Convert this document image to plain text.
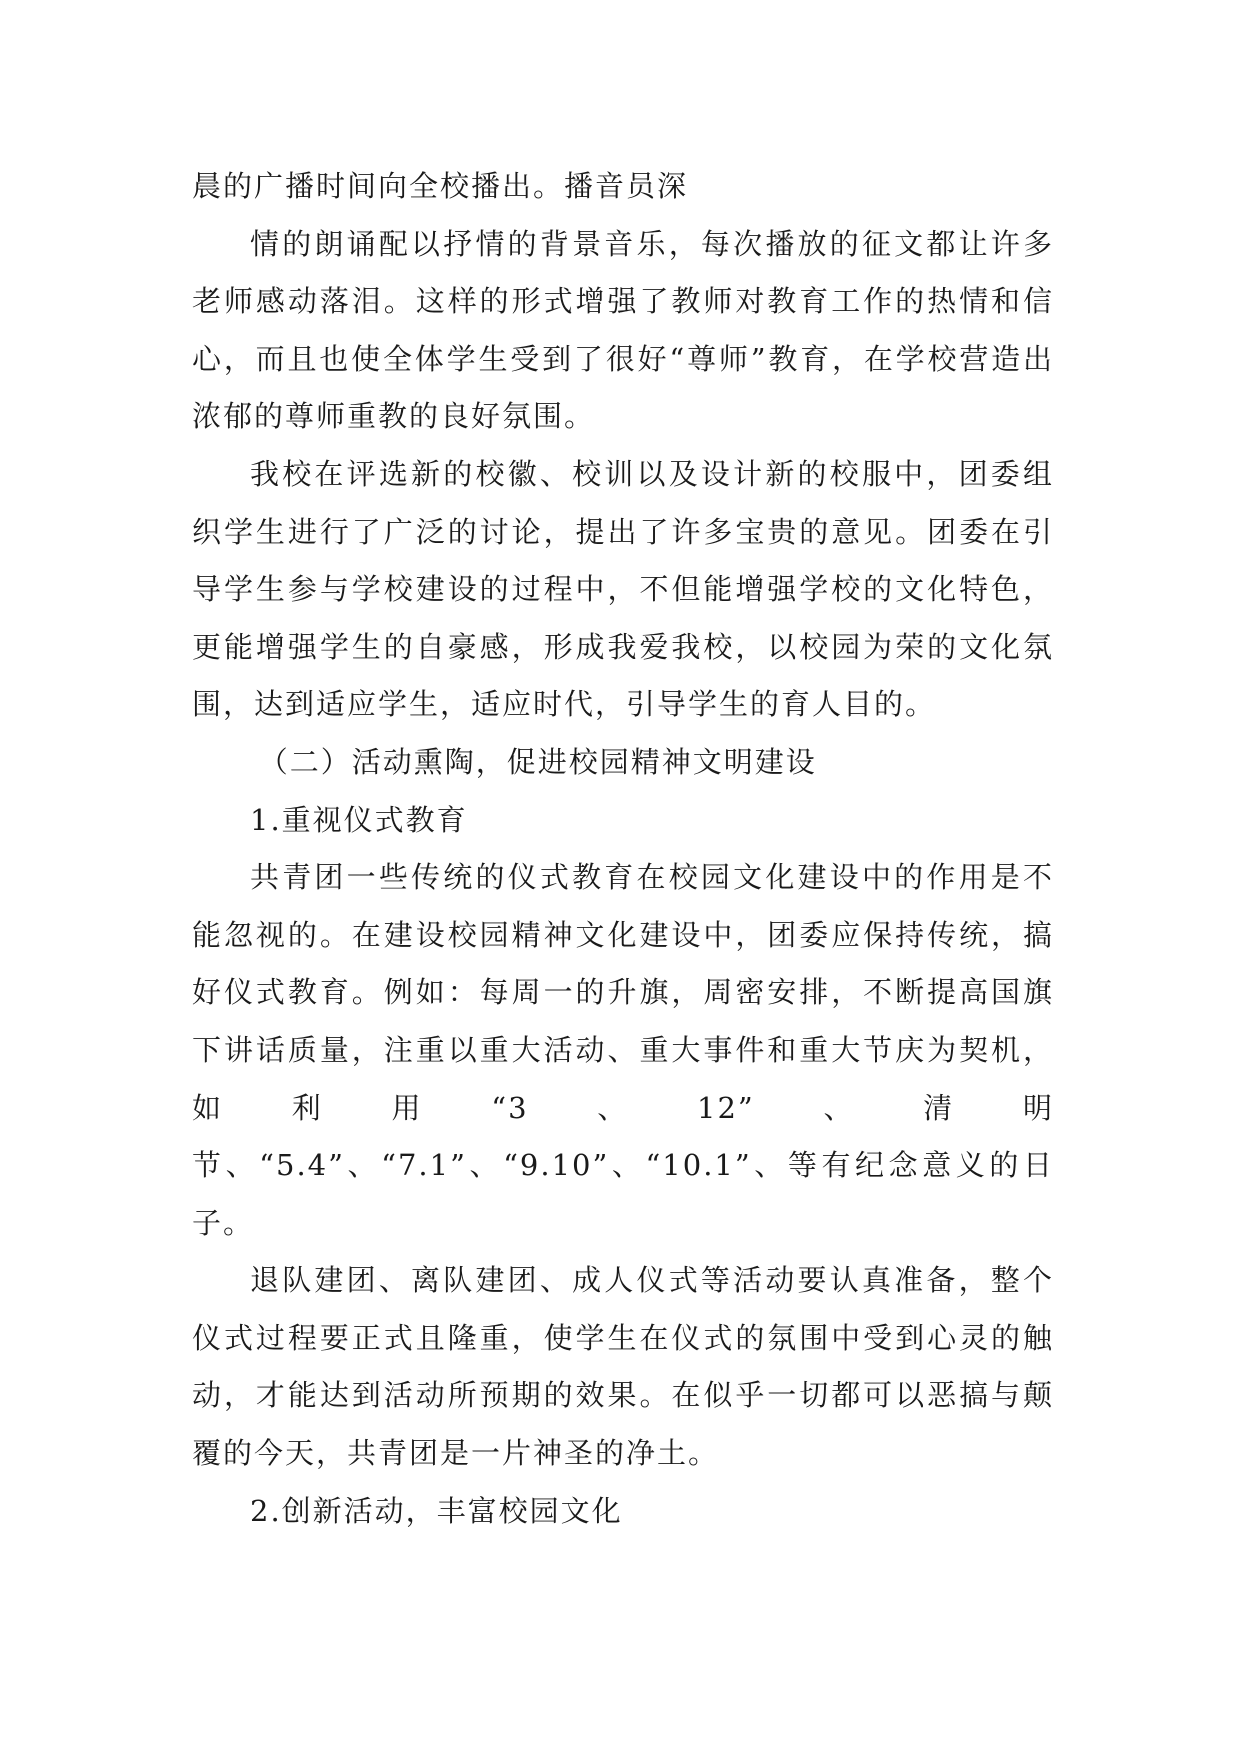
晨的广播时间向全校播出。播音员深

情的朗诵配以抒情的背景音乐，每次播放的征文都让许多老师感动落泪。这样的形式增强了教师对教育工作的热情和信心，而且也使全体学生受到了很好“尊师”教育，在学校营造出浓郁的尊师重教的良好氛围。

我校在评选新的校徽、校训以及设计新的校服中，团委组织学生进行了广泛的讨论，提出了许多宝贵的意见。团委在引导学生参与学校建设的过程中，不但能增强学校的文化特色，更能增强学生的自豪感，形成我爱我校，以校园为荣的文化氛围，达到适应学生，适应时代，引导学生的育人目的。

（二）活动熏陶，促进校园精神文明建设

1.重视仪式教育

共青团一些传统的仪式教育在校园文化建设中的作用是不能忽视的。在建设校园精神文化建设中，团委应保持传统，搞好仪式教育。例如：每周一的升旗，周密安排，不断提高国旗下讲话质量，注重以重大活动、重大事件和重大节庆为契机，如利用“3、12”、清明节、“5.4”、“7.1”、“9.10”、“10.1”、等有纪念意义的日子。

退队建团、离队建团、成人仪式等活动要认真准备，整个仪式过程要正式且隆重，使学生在仪式的氛围中受到心灵的触动，才能达到活动所预期的效果。在似乎一切都可以恶搞与颠覆的今天，共青团是一片神圣的净土。

2.创新活动，丰富校园文化
